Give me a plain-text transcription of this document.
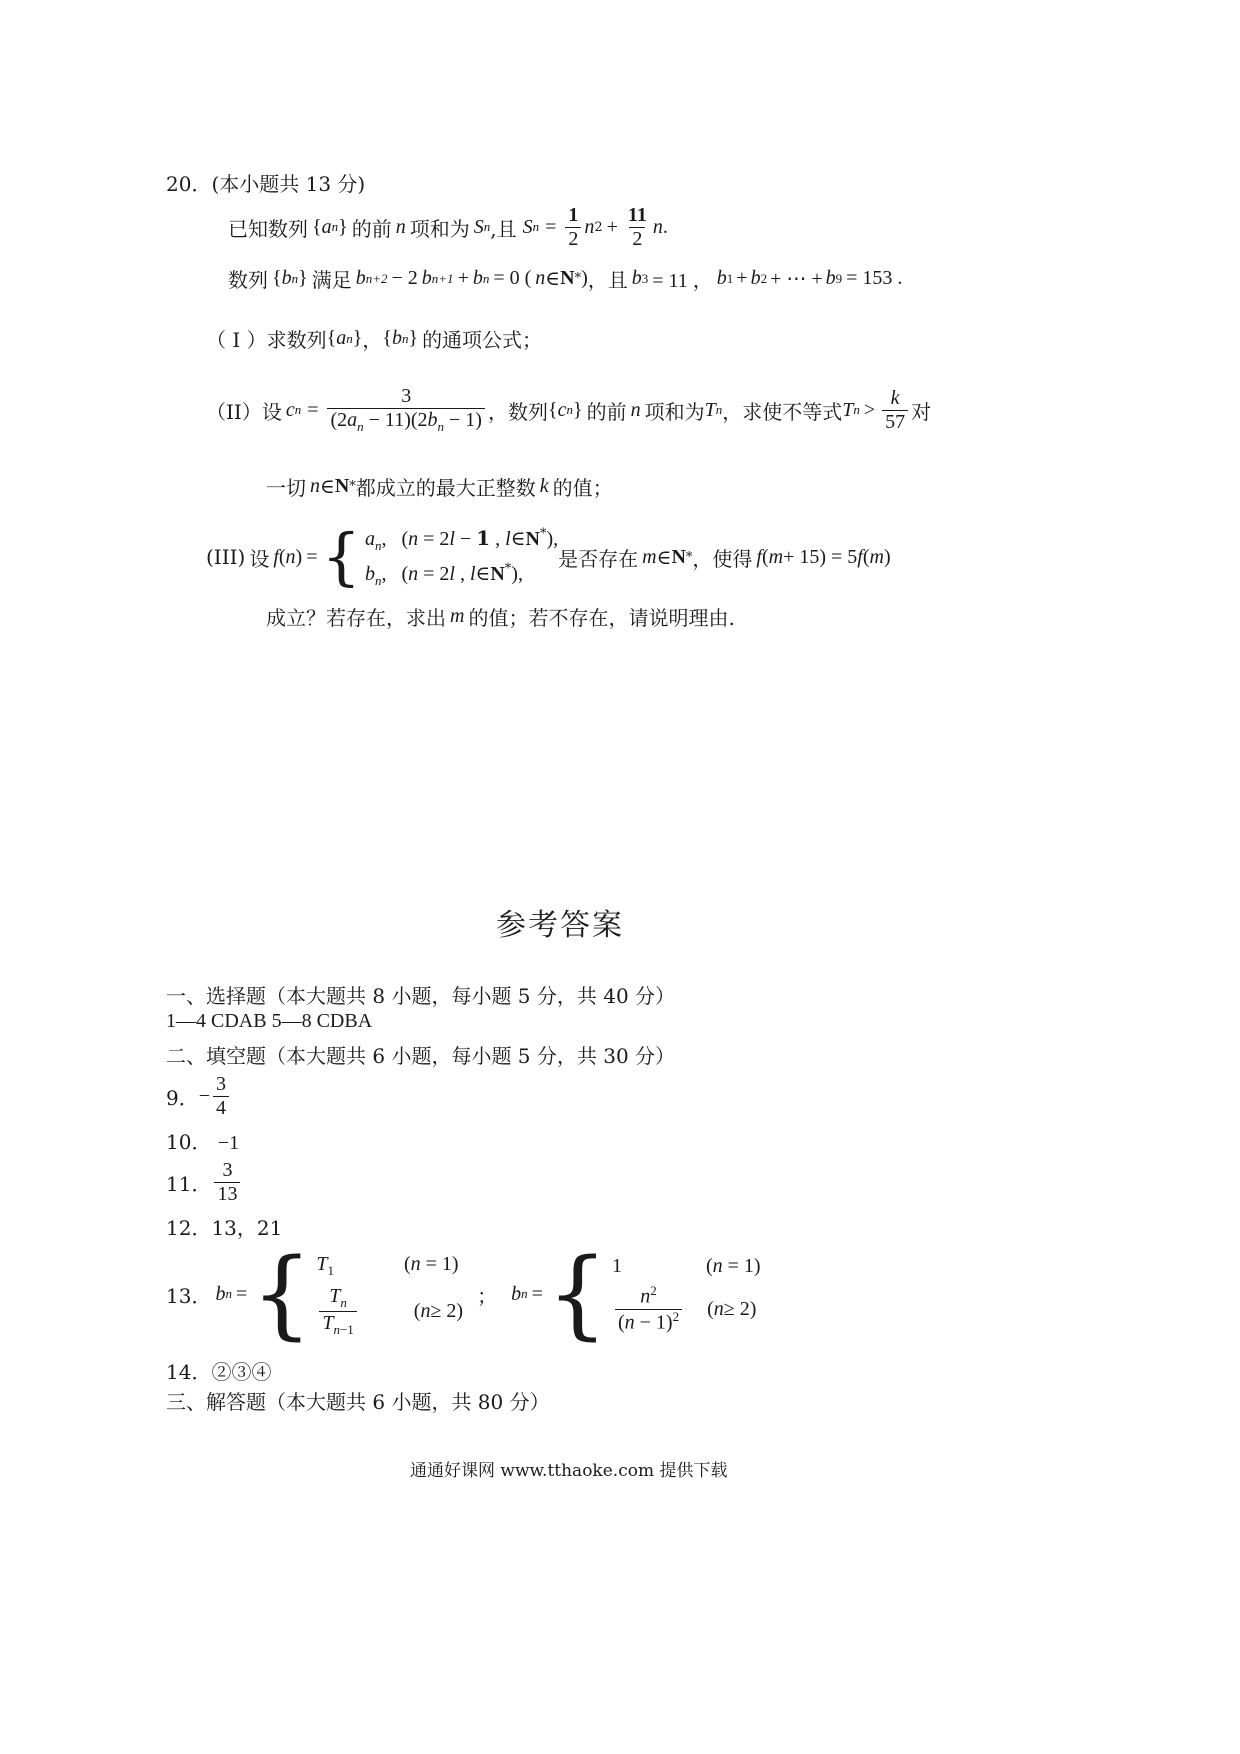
20．(本小题共 13 分)
已知数列 { a n } 的前 n 项和为 S n ,且 S $n = \frac{1}{2}$ n $2 + \frac{11}{2}$ n .
数列 { b n } 满足 b n+2 − 2 b n+1 + b n = 0 ( n ∈ N * ) ，且 b 3 = 11 ， b 1 + b 2 + ⋯ + b 9 = 153 .
（ I ） 求数列 { a n } ， { b n } 的通项公式；
（II） 设 c $n = \frac{3}{(2a_n - 11)(2b_n - 1)}$ ，数列 { c n } 的前 n 项和为 T n ，求使不等式 T $n > \frac{k}{57}$ 对
一切 n ∈ N * 都成立的最大正整数 k 的值；
(III) 设 f ( n ) = { $a_n$,   (n = 2l − 1 , l∈N*),
$b_n$,   (n = 2l , l∈N*),
是否存在 m ∈ N * ，使得 f ( m + 15) = 5 f ( m )
成立？若存在，求出 m 的值；若不存在，请说明理由.
参考答案
一、选择题（本大题共 8 小题，每小题 5 分，共 40 分）
1—4 CDAB 5—8 CDBA
二、填空题（本大题共 6 小题，每小题 5 分，共 30 分）
9． − $\frac{3}{4}$
10． −1
11． $\frac{3}{13}$
12．13，21
13． b n = { $T_1$	(n = 1)
$\frac{T_n}{T_{n-1}}$	( n ≥ 2)
； b n = { 1	(n = 1)
$\frac{n^2}{(n - 1)^2}$ ( n ≥ 2)
14．②③④
三、解答题（本大题共 6 小题，共 80 分）
通通好课网 www.tthaoke.com 提供下载
